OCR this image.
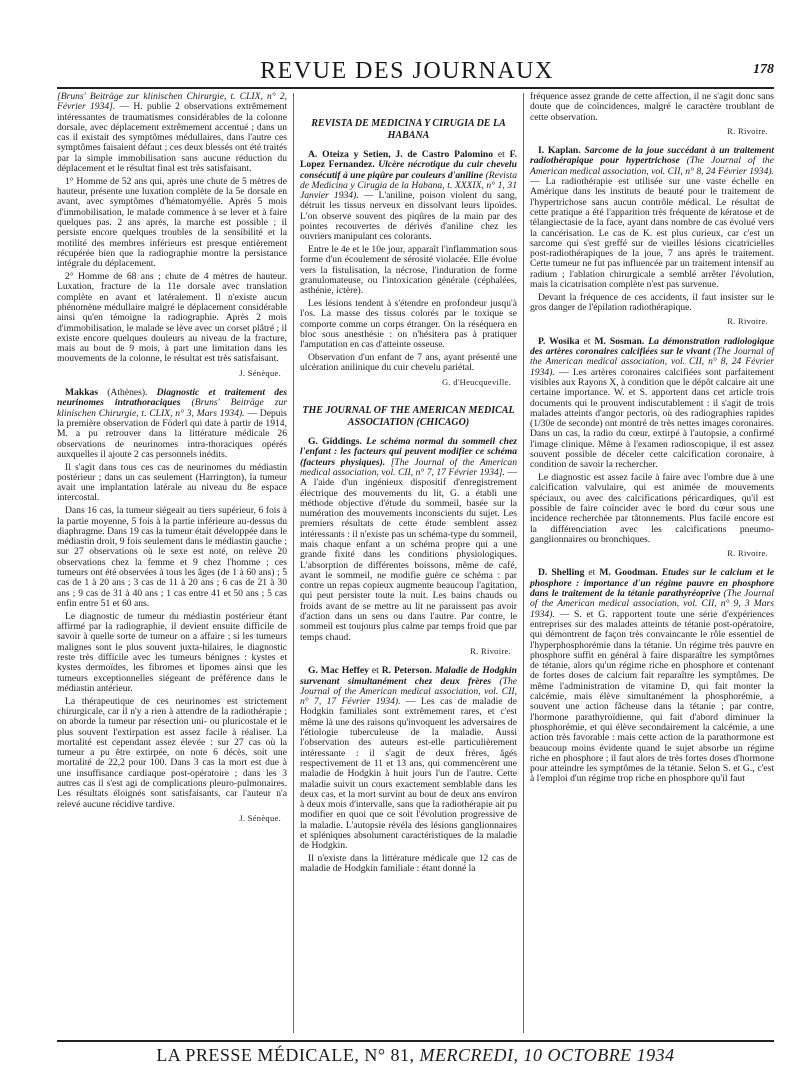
REVUE DES JOURNAUX	178

[Bruns' Beiträge zur klinischen Chirurgie, t. CLIX, n° 2, Février 1934]. — H. publie 2 observations extrêmement intéressantes de traumatismes considérables de la colonne dorsale, avec déplacement extrêmement accentué ; dans un cas il existait des symptômes médullaires, dans l'autre ces symptômes faisaient défaut ; ces deux blessés ont été traités par la simple immobilisation sans aucune réduction du déplacement et le résultat final est très satisfaisant.

1° Homme de 52 ans qui, après une chute de 5 mètres de hauteur, présente une luxation complète de la 5e dorsale en avant, avec symptômes d'hématomyélie. Après 5 mois d'immobilisation, le malade commence à se lever et à faire quelques pas. 2 ans après, la marche est possible ; il persiste encore quelques troubles de la sensibilité et la motilité des membres inférieurs est presque entièrement récupérée bien que la radiographie montre la persistance intégrale du déplacement.

2° Homme de 68 ans ; chute de 4 mètres de hauteur. Luxation, fracture de la 11e dorsale avec translation complète en avant et latéralement. Il n'existe aucun phénomène médullaire malgré le déplacement considérable ainsi qu'en témoigne la radiographie. Après 2 mois d'immobilisation, le malade se lève avec un corset plâtré ; il existe encore quelques douleurs au niveau de la fracture, mais au bout de 9 mois, à part une limitation dans les mouvements de la colonne, le résultat est très satisfaisant.

J. Sénèque.

Makkas (Athènes). Diagnostic et traitement des neurinomes intrathoraciques (Bruns' Beiträge zur klinischen Chirurgie, t. CLIX, n° 3, Mars 1934). — Depuis la première observation de Föderl qui date à partir de 1914, M. a pu retrouver dans la littérature médicale 26 observations de neurinomes intra-thoraciques opérés auxquelles il ajoute 2 cas personnels inédits.

Il s'agit dans tous ces cas de neurinomes du médiastin postérieur ; dans un cas seulement (Harrington), la tumeur avait une implantation latérale au niveau du 8e espace intercostal.

Dans 16 cas, la tumeur siégeait au tiers supérieur, 6 fois à la partie moyenne, 5 fois à la partie inférieure au-dessus du diaphragme. Dans 19 cas la tumeur était développée dans le médiastin droit, 9 fois seulement dans le médiastin gauche ; sur 27 observations où le sexe est noté, on relève 20 observations chez la femme et 9 chez l'homme ; ces tumeurs ont été observées à tous les âges (de 1 à 60 ans) ; 5 cas de 1 à 20 ans ; 3 cas de 11 à 20 ans ; 6 cas de 21 à 30 ans ; 9 cas de 31 à 40 ans ; 1 cas entre 41 et 50 ans ; 5 cas enfin entre 51 et 60 ans.

Le diagnostic de tumeur du médiastin postérieur étant affirmé par la radiographie, il devient ensuite difficile de savoir à quelle sorte de tumeur on a affaire ; si les tumeurs malignes sont le plus souvent juxta-hilaires, le diagnostic reste très difficile avec les tumeurs bénignes : kystes et kystes dermoïdes, les fibromes et lipomes ainsi que les tumeurs exceptionnelles siégeant de préférence dans le médiastin antérieur.

La thérapeutique de ces neurinomes est strictement chirurgicale, car il n'y a rien à attendre de la radiothérapie ; on aborde la tumeur par résection uni- ou pluricostale et le plus souvent l'extirpation est assez facile à réaliser. La mortalité est cependant assez élevée : sur 27 cas où la tumeur a pu être extirpée, on note 6 décès, soit une mortalité de 22,2 pour 100. Dans 3 cas la mort est due à une insuffisance cardiaque post-opératoire ; dans les 3 autres cas il s'est agi de complications pleuro-pulmonaires. Les résultats éloignés sont satisfaisants, car l'auteur n'a relevé aucune récidive tardive.

J. Sénèque.
REVISTA DE MEDICINA Y CIRUGIA DE LA HABANA

A. Oteiza y Setien, J. de Castro Palomino et F. Lopez Fernandez. Ulcère nécrotique du cuir chevelu consécutif à une piqûre par couleurs d'aniline (Revista de Medicina y Cirugia de la Habana, t. XXXIX, n° 1, 31 Janvier 1934). — L'aniline, poison violent du sang, détruit les tissus nerveux en dissolvant leurs lipoïdes. L'on observe souvent des piqûres de la main par des pointes recouvertes de dérivés d'aniline chez les ouvriers manipulant ces colorants.

Entre le 4e et le 10e jour, apparaît l'inflammation sous forme d'un écoulement de sérosité violacée. Elle évolue vers la fistulisation, la nécrose, l'induration de forme granulomateuse, ou l'intoxication générale (céphalées, asthénie, ictère).

Les lésions tendent à s'étendre en profondeur jusqu'à l'os. La masse des tissus colorés par le toxique se comporte comme un corps étranger. On la réséquera en bloc sous anesthésie : on n'hésitera pas à pratiquer l'amputation en cas d'atteinte osseuse.

Observation d'un enfant de 7 ans, ayant présenté une ulcération anilinique du cuir chevelu pariétal.

G. d'Heucqueville.
THE JOURNAL OF THE AMERICAN MEDICAL ASSOCIATION (CHICAGO)

G. Giddings. Le schéma normal du sommeil chez l'enfant : les facteurs qui peuvent modifier ce schéma (facteurs physiques). [The Journal of the American medical association, vol. CII, n° 7, 17 Février 1934]. — A l'aide d'un ingénieux dispositif d'enregistrement électrique des mouvements du lit, G. a établi une méthode objective d'étude du sommeil, basée sur la numération des mouvements inconscients du sujet. Les premiers résultats de cette étude semblent assez intéressants : il n'existe pas un schéma-type du sommeil, mais chaque enfant a un schéma propre qui a une grande fixité dans les conditions physiologiques. L'absorption de différentes boissons, même de café, avant le sommeil, ne modifie guère ce schéma : par contre un repas copieux augmente beaucoup l'agitation, qui peut persister toute la nuit. Les bains chauds ou froids avant de se mettre au lit ne paraissent pas avoir d'action dans un sens ou dans l'autre. Par contre, le sommeil est toujours plus calme par temps froid que par temps chaud.

R. Rivoire.

G. Mac Heffey et R. Peterson. Maladie de Hodgkin survenant simultanément chez deux frères (The Journal of the American medical association, vol. CII, n° 7, 17 Février 1934). — Les cas de maladie de Hodgkin familiales sont extrêmement rares, et c'est même là une des raisons qu'invoquent les adversaires de l'étiologie tuberculeuse de la maladie. Aussi l'observation des auteurs est-elle particulièrement intéressante : il s'agit de deux frères, âgés respectivement de 11 et 13 ans, qui commencèrent une maladie de Hodgkin à huit jours l'un de l'autre. Cette maladie suivit un cours exactement semblable dans les deux cas, et la mort survint au bout de deux ans environ à deux mois d'intervalle, sans que la radiothérapie ait pu modifier en quoi que ce soit l'évolution progressive de la maladie. L'autopsie révéla des lésions ganglionnaires et spléniques absolument caractéristiques de la maladie de Hodgkin.

Il n'existe dans la littérature médicale que 12 cas de maladie de Hodgkin familiale : étant donné la

fréquence assez grande de cette affection, il ne s'agit donc sans doute que de coïncidences, malgré le caractère troublant de cette observation.

R. Rivoire.

I. Kaplan. Sarcome de la joue succédant à un traitement radiothérapique pour hypertrichose (The Journal of the American medical association, vol. CII, n° 8, 24 Février 1934). — La radiothérapie est utilisée sur une vaste échelle en Amérique dans les instituts de beauté pour le traitement de l'hypertrichose sans aucun contrôle médical. Le résultat de cette pratique a été l'apparition très fréquente de kératose et de télangiectasie de la face, ayant dans nombre de cas évolué vers la cancérisation. Le cas de K. est plus curieux, car c'est un sarcome qui s'est greffé sur de vieilles lésions cicatricielles post-radiothérapiques de la joue, 7 ans après le traitement. Cette tumeur ne fut pas influencée par un traitement intensif au radium ; l'ablation chirurgicale a semblé arrêter l'évolution, mais la cicatrisation complète n'est pas survenue.

Devant la fréquence de ces accidents, il faut insister sur le gros danger de l'épilation radiothérapique.

R. Rivoire.

P. Wosika et M. Sosman. La démonstration radiologique des artères coronaires calcifiées sur le vivant (The Journal of the American medical association, vol. CII, n° 8, 24 Février 1934). — Les artères coronaires calcifiées sont parfaitement visibles aux Rayons X, à condition que le dépôt calcaire ait une certaine importance. W. et S. apportent dans cet article trois documents qui le prouvent indiscutablement : il s'agit de trois malades atteints d'angor pectoris, où des radiographies rapides (1/30e de seconde) ont montré de très nettes images coronaires. Dans un cas, la radio du cœur, extirpé à l'autopsie, a confirmé l'image clinique. Même à l'examen radioscopique, il est assez souvent possible de déceler cette calcification coronaire, à condition de savoir la rechercher.

Le diagnostic est assez facile à faire avec l'ombre due à une calcification valvulaire, qui est animée de mouvements spéciaux, ou avec des calcifications péricardiques, qu'il est possible de faire coïncider avec le bord du cœur sous une incidence recherchée par tâtonnements. Plus facile encore est la différenciation avec les calcifications pneumo-ganglionnaires ou bronchiques.

R. Rivoire.

D. Shelling et M. Goodman. Etudes sur le calcium et le phosphore : importance d'un régime pauvre en phosphore dans le traitement de la tétanie parathyréoprive (The Journal of the American medical association, vol. CII, n° 9, 3 Mars 1934). — S. et G. rapportent toute une série d'expériences entreprises sur des malades atteints de tétanie post-opératoire, qui démontrent de façon très convaincante le rôle essentiel de l'hyperphosphorémie dans la tétanie. Un régime très pauvre en phosphore suffit en général à faire disparaître les symptômes de tétanie, alors qu'un régime riche en phosphore et contenant de fortes doses de calcium fait reparaître les symptômes. De même l'administration de vitamine D, qui fait monter la calcémie, mais élève simultanément la phosphorémie, a souvent une action fâcheuse dans la tétanie ; par contre, l'hormone parathyroïdienne, qui fait d'abord diminuer la phosphorémie, et qui élève secondairement la calcémie, a une action très favorable : mais cette action de la parathormone est beaucoup moins évidente quand le sujet absorbe un régime riche en phosphore ; il faut alors de très fortes doses d'hormone pour atteindre les symptômes de la tétanie. Selon S. et G., c'est à l'emploi d'un régime trop riche en phosphore qu'il faut

LA PRESSE MÉDICALE, N° 81, MERCREDI, 10 OCTOBRE 1934
